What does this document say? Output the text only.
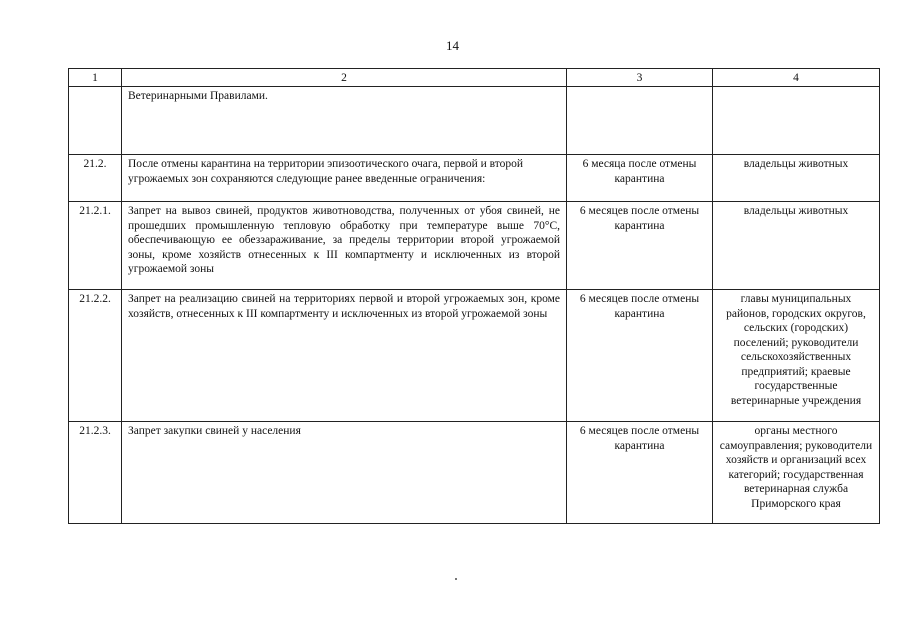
14
1	2	3	4
	Ветеринарными Правилами.		
21.2.	После отмены карантина на территории эпизоотического очага, первой и второй угрожаемых зон сохраняются следующие ранее введенные ограничения:	6 месяца после отмены карантина	владельцы животных
21.2.1.	Запрет на вывоз свиней, продуктов животноводства, полученных от убоя свиней, не прошедших промышленную тепловую обработку при температуре выше 70°С, обеспечивающую ее обеззараживание, за пределы территории второй угрожаемой зоны, кроме хозяйств отнесенных к III компартменту и исключенных из второй угрожаемой зоны	6 месяцев после отмены карантина	владельцы животных
21.2.2.	Запрет на реализацию свиней на территориях первой и второй угрожаемых зон, кроме хозяйств, отнесенных к III компартменту и исключенных из второй угрожаемой зоны	6 месяцев после отмены карантина	главы муниципальных районов, городских округов, сельских (городских) поселений; руководители сельскохозяйственных предприятий; краевые государственные ветеринарные учреждения
21.2.3.	Запрет закупки свиней у населения	6 месяцев после отмены карантина	органы местного самоуправления; руководители хозяйств и организаций всех категорий; государственная ветеринарная служба Приморского края
